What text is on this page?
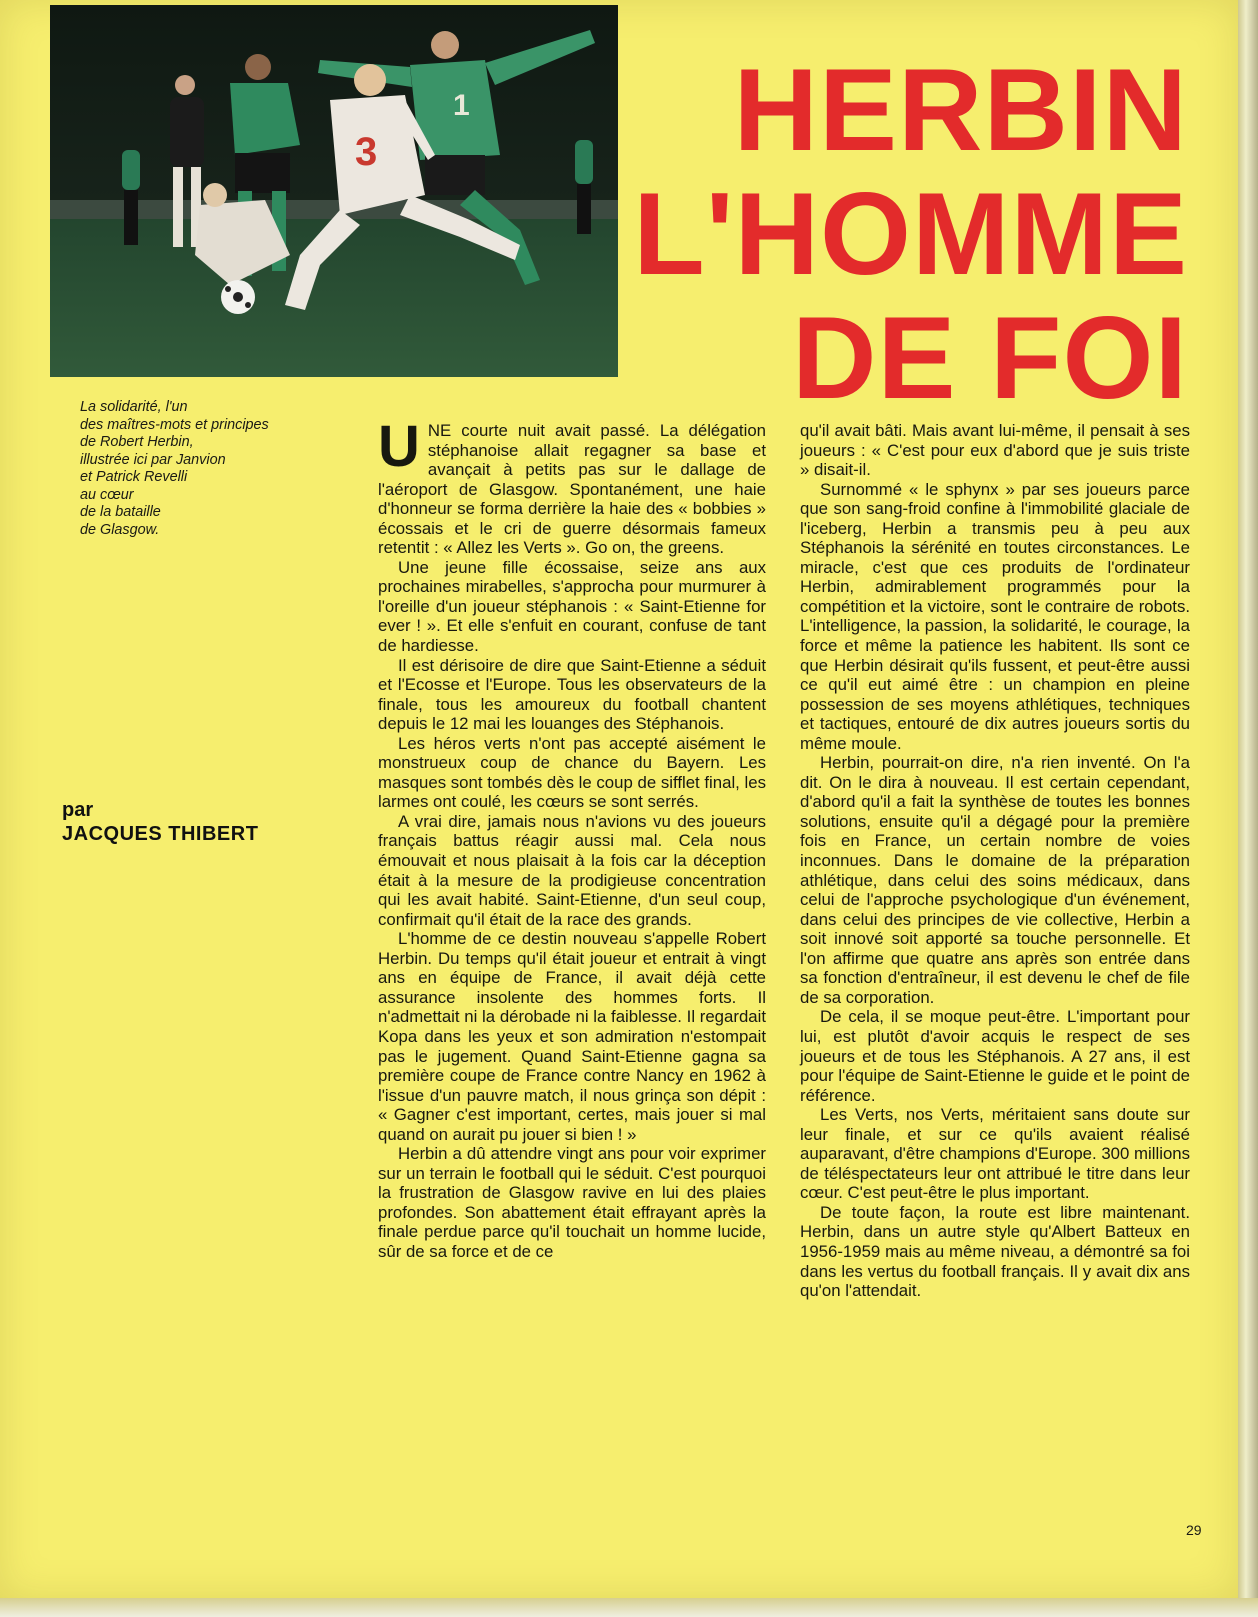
1
3
La solidarité, l'un
des maîtres-mots et principes
de Robert Herbin,
illustrée ici par Janvion
et Patrick Revelli
au cœur
de la bataille
de Glasgow.
par
JACQUES THIBERT
HERBIN
L'HOMME
DE FOI

UNE courte nuit avait passé. La délégation stéphanoise allait regagner sa base et avançait à petits pas sur le dallage de l'aéroport de Glasgow. Spontanément, une haie d'honneur se forma derrière la haie des « bobbies » écossais et le cri de guerre désormais fameux retentit : « Allez les Verts ». Go on, the greens.

Une jeune fille écossaise, seize ans aux prochaines mirabelles, s'approcha pour murmurer à l'oreille d'un joueur stéphanois : « Saint-Etienne for ever ! ». Et elle s'enfuit en courant, confuse de tant de hardiesse.

Il est dérisoire de dire que Saint-Etienne a séduit et l'Ecosse et l'Europe. Tous les observateurs de la finale, tous les amoureux du football chantent depuis le 12 mai les louanges des Stéphanois.

Les héros verts n'ont pas accepté aisément le monstrueux coup de chance du Bayern. Les masques sont tombés dès le coup de sifflet final, les larmes ont coulé, les cœurs se sont serrés.

A vrai dire, jamais nous n'avions vu des joueurs français battus réagir aussi mal. Cela nous émouvait et nous plaisait à la fois car la déception était à la mesure de la prodigieuse concentration qui les avait habité. Saint-Etienne, d'un seul coup, confirmait qu'il était de la race des grands.

L'homme de ce destin nouveau s'appelle Robert Herbin. Du temps qu'il était joueur et entrait à vingt ans en équipe de France, il avait déjà cette assurance insolente des hommes forts. Il n'admettait ni la dérobade ni la faiblesse. Il regardait Kopa dans les yeux et son admiration n'estompait pas le jugement. Quand Saint-Etienne gagna sa première coupe de France contre Nancy en 1962 à l'issue d'un pauvre match, il nous grinça son dépit : « Gagner c'est important, certes, mais jouer si mal quand on aurait pu jouer si bien ! »

Herbin a dû attendre vingt ans pour voir exprimer sur un terrain le football qui le séduit. C'est pourquoi la frustration de Glasgow ravive en lui des plaies profondes. Son abattement était effrayant après la finale perdue parce qu'il touchait un homme lucide, sûr de sa force et de ce

qu'il avait bâti. Mais avant lui-même, il pensait à ses joueurs : « C'est pour eux d'abord que je suis triste » disait-il.

Surnommé « le sphynx » par ses joueurs parce que son sang-froid confine à l'immobilité glaciale de l'iceberg, Herbin a transmis peu à peu aux Stéphanois la sérénité en toutes circonstances. Le miracle, c'est que ces produits de l'ordinateur Herbin, admirablement programmés pour la compétition et la victoire, sont le contraire de robots. L'intelligence, la passion, la solidarité, le courage, la force et même la patience les habitent. Ils sont ce que Herbin désirait qu'ils fussent, et peut-être aussi ce qu'il eut aimé être : un champion en pleine possession de ses moyens athlétiques, techniques et tactiques, entouré de dix autres joueurs sortis du même moule.

Herbin, pourrait-on dire, n'a rien inventé. On l'a dit. On le dira à nouveau. Il est certain cependant, d'abord qu'il a fait la synthèse de toutes les bonnes solutions, ensuite qu'il a dégagé pour la première fois en France, un certain nombre de voies inconnues. Dans le domaine de la préparation athlétique, dans celui des soins médicaux, dans celui de l'approche psychologique d'un événement, dans celui des principes de vie collective, Herbin a soit innové soit apporté sa touche personnelle. Et l'on affirme que quatre ans après son entrée dans sa fonction d'entraîneur, il est devenu le chef de file de sa corporation.

De cela, il se moque peut-être. L'important pour lui, est plutôt d'avoir acquis le respect de ses joueurs et de tous les Stéphanois. A 27 ans, il est pour l'équipe de Saint-Etienne le guide et le point de référence.

Les Verts, nos Verts, méritaient sans doute sur leur finale, et sur ce qu'ils avaient réalisé auparavant, d'être champions d'Europe. 300 millions de téléspectateurs leur ont attribué le titre dans leur cœur. C'est peut-être le plus important.

De toute façon, la route est libre maintenant. Herbin, dans un autre style qu'Albert Batteux en 1956-1959 mais au même niveau, a démontré sa foi dans les vertus du football français. Il y avait dix ans qu'on l'attendait.

29
